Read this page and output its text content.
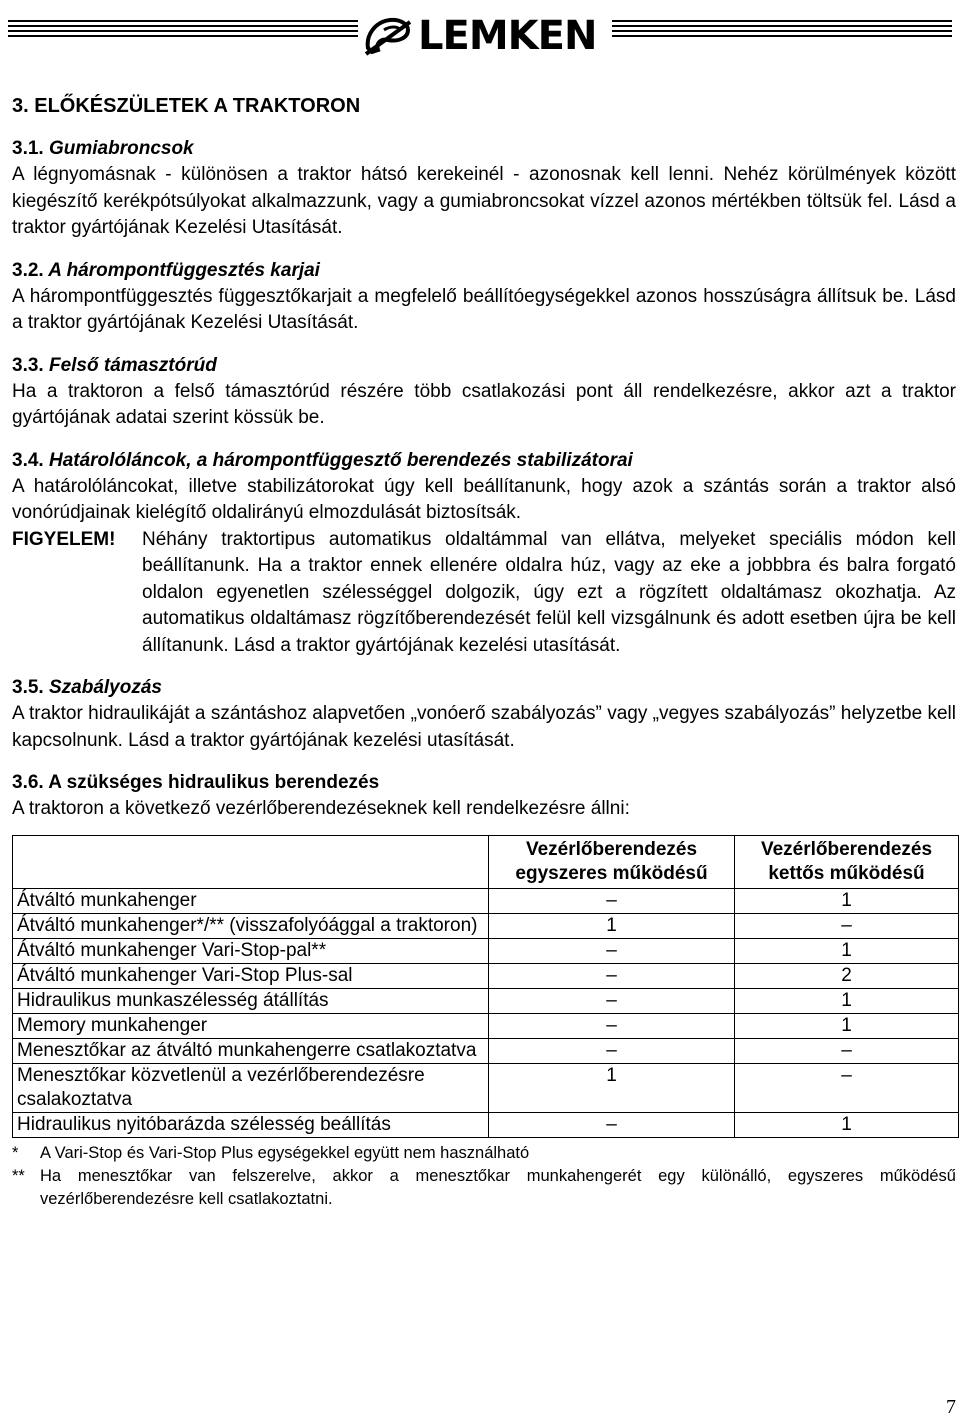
LEMKEN
3. ELŐKÉSZÜLETEK A TRAKTORON
3.1. Gumiabroncsok

A légnyomásnak - különösen a traktor hátsó kerekeinél - azonosnak kell lenni. Nehéz körülmények között kiegészítő kerékpótsúlyokat alkalmazzunk, vagy a gumiabroncsokat vízzel azonos mértékben töltsük fel. Lásd a traktor gyártójának Kezelési Utasítását.

3.2. A hárompontfüggesztés karjai

A hárompontfüggesztés függesztőkarjait a megfelelő beállítóegységekkel azonos hosszúságra állítsuk be. Lásd a traktor gyártójának Kezelési Utasítását.

3.3. Felső támasztórúd

Ha a traktoron a felső támasztórúd részére több csatlakozási pont áll rendelkezésre, akkor azt a traktor gyártójának adatai szerint kössük be.

3.4. Határolóláncok, a hárompontfüggesztő berendezés stabilizátorai

A határolóláncokat, illetve stabilizátorokat úgy kell beállítanunk, hogy azok a szántás során a traktor alsó vonórúdjainak kielégítő oldalirányú elmozdulását biztosítsák.

FIGYELEM!	Néhány traktortipus automatikus oldaltámmal van ellátva, melyeket speciális módon kell beállítanunk. Ha a traktor ennek ellenére oldalra húz, vagy az eke a jobbbra és balra forgató oldalon egyenetlen szélességgel dolgozik, úgy ezt a rögzített oldaltámasz okozhatja. Az automatikus oldaltámasz rögzítőberendezését felül kell vizsgálnunk és adott esetben újra be kell állítanunk. Lásd a traktor gyártójának kezelési utasítását.

3.5. Szabályozás

A traktor hidraulikáját a szántáshoz alapvetően „vonóerő szabályozás” vagy „vegyes szabályozás” helyzetbe kell kapcsolnunk. Lásd a traktor gyártójának kezelési utasítását.

3.6. A szükséges hidraulikus berendezés

A traktoron a következő vezérlőberendezéseknek kell rendelkezésre állni:

	Vezérlőberendezés egyszeres működésű	Vezérlőberendezés kettős működésű
Átváltó munkahenger	–	1
Átváltó munkahenger*/** (visszafolyóággal a traktoron)	1	–
Átváltó munkahenger Vari-Stop-pal**	–	1
Átváltó munkahenger Vari-Stop Plus-sal	–	2
Hidraulikus munkaszélesség átállítás	–	1
Memory munkahenger	–	1
Menesztőkar az átváltó munkahengerre csatlakoztatva	–	–
Menesztőkar közvetlenül a vezérlőberendezésre csalakoztatva	1	–
Hidraulikus nyitóbarázda szélesség beállítás	–	1
* A Vari-Stop és Vari-Stop Plus egységekkel együtt nem használható
** Ha menesztőkar van felszerelve, akkor a menesztőkar munkahengerét egy különálló, egyszeres működésű vezérlőberendezésre kell csatlakoztatni.
7
